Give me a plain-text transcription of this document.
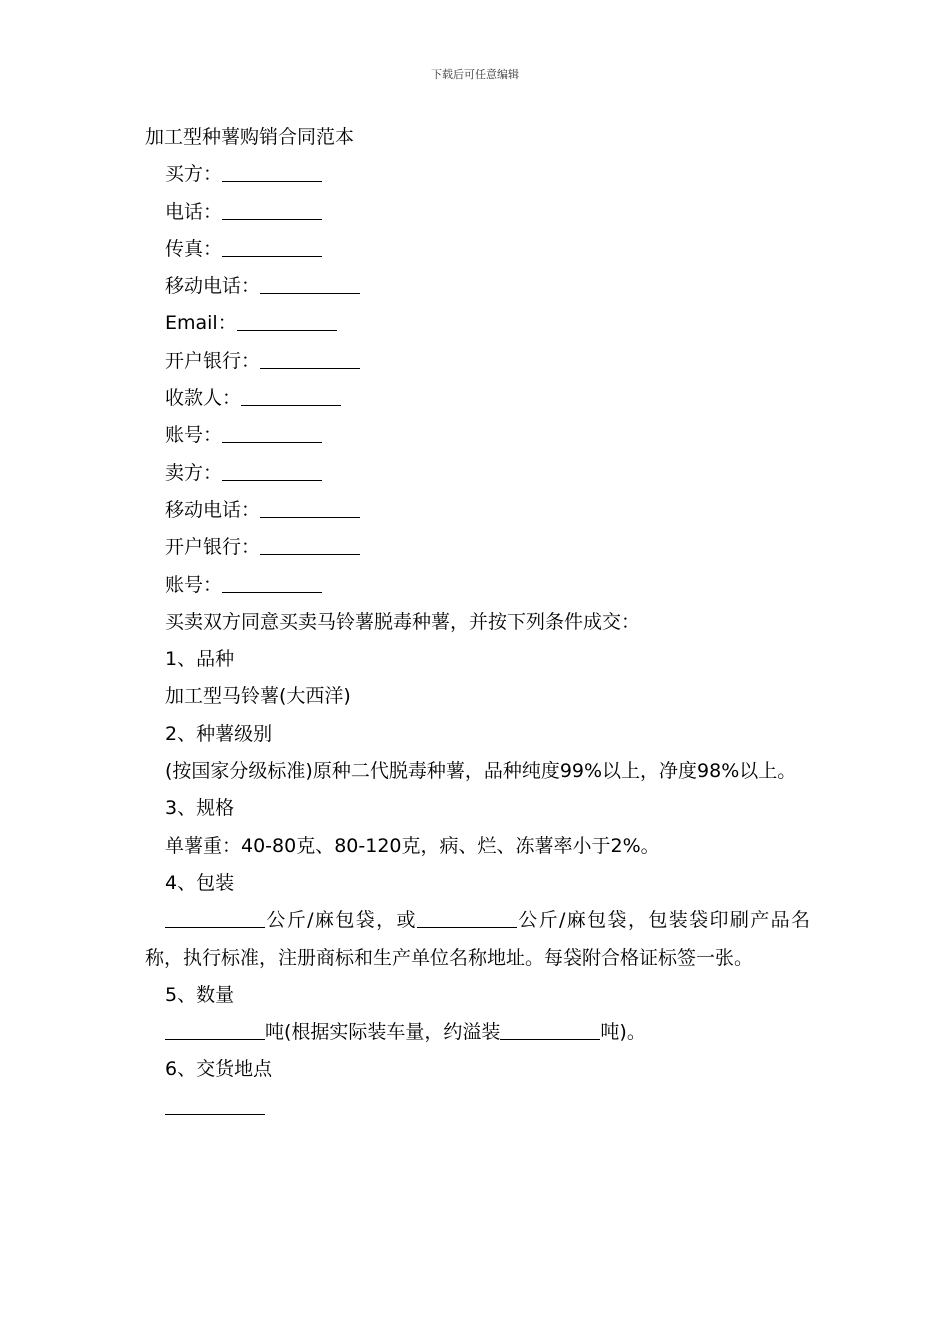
下载后可任意编辑
加工型种薯购销合同范本
买方：
电话：
传真：
移动电话：
Email：
开户银行：
收款人：
账号：
卖方：
移动电话：
开户银行：
账号：
买卖双方同意买卖马铃薯脱毒种薯，并按下列条件成交：
1、品种
加工型马铃薯(大西洋)
2、种薯级别
(按国家分级标准)原种二代脱毒种薯，品种纯度99%以上，净度98%以上。
3、规格
单薯重：40-80克、80-120克，病、烂、冻薯率小于2%。
4、包装
公斤/麻包袋，或	公斤/麻包袋，包装袋印刷产品名称，执行标准，注册商标和生产单位名称地址。每袋附合格证标签一张。
5、数量
吨(根据实际装车量，约溢装	吨)。
6、交货地点
